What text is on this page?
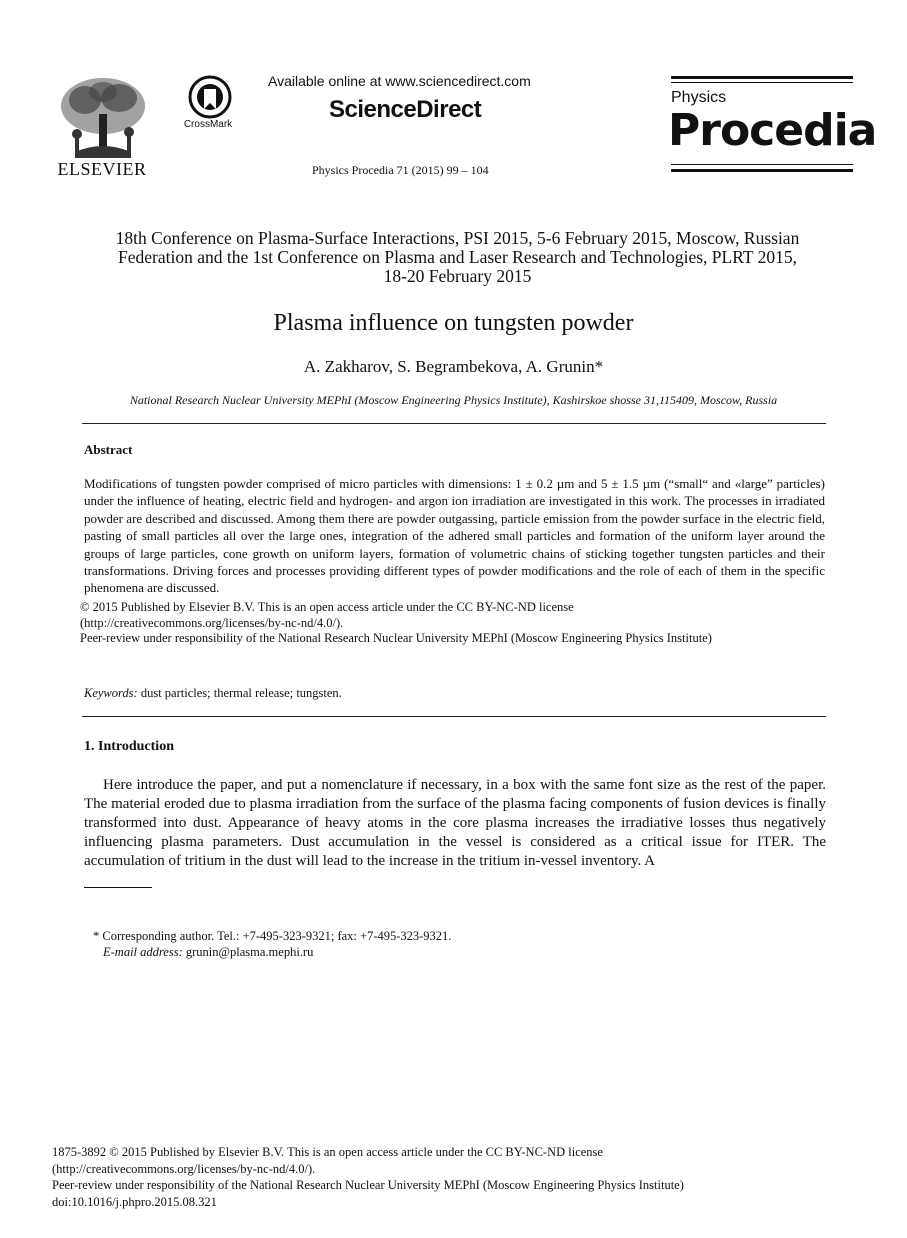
ELSEVIER
CrossMark
Available online at www.sciencedirect.com
ScienceDirect
Physics Procedia 71 (2015) 99 – 104
Physics
Procedia
18th Conference on Plasma-Surface Interactions, PSI 2015, 5-6 February 2015, Moscow, Russian
Federation and the 1st Conference on Plasma and Laser Research and Technologies, PLRT 2015,
18-20 February 2015
Plasma influence on tungsten powder
A. Zakharov, S. Begrambekova, A. Grunin*
National Research Nuclear University MEPhI (Moscow Engineering Physics Institute), Kashirskoe shosse 31,115409, Moscow, Russia
Abstract
Modifications of tungsten powder comprised of micro particles with dimensions: 1 ± 0.2 µm and 5 ± 1.5 µm (“small“ and «large” particles) under the influence of heating, electric field and hydrogen- and argon ion irradiation are investigated in this work. The processes in irradiated powder are described and discussed. Among them there are powder outgassing, particle emission from the powder surface in the electric field, pasting of small particles all over the large ones, integration of the adhered small particles and formation of the uniform layer around the groups of large particles, cone growth on uniform layers, formation of volumetric chains of sticking together tungsten particles and their transformations. Driving forces and processes providing different types of powder modifications and the role of each of them in the specific phenomena are discussed.
© 2015 Published by Elsevier B.V. This is an open access article under the CC BY-NC-ND license
(http://creativecommons.org/licenses/by-nc-nd/4.0/).
Peer-review under responsibility of the National Research Nuclear University MEPhI (Moscow Engineering Physics Institute)
Keywords: dust particles; thermal release; tungsten.
1. Introduction
Here introduce the paper, and put a nomenclature if necessary, in a box with the same font size as the rest of the paper. The material eroded due to plasma irradiation from the surface of the plasma facing components of fusion devices is finally transformed into dust. Appearance of heavy atoms in the core plasma increases the irradiative losses thus negatively influencing plasma parameters. Dust accumulation in the vessel is considered as a critical issue for ITER. The accumulation of tritium in the dust will lead to the increase in the tritium in-vessel inventory. A
* Corresponding author. Tel.: +7-495-323-9321; fax: +7-495-323-9321.
E-mail address: grunin@plasma.mephi.ru
1875-3892 © 2015 Published by Elsevier B.V. This is an open access article under the CC BY-NC-ND license
(http://creativecommons.org/licenses/by-nc-nd/4.0/).
Peer-review under responsibility of the National Research Nuclear University MEPhI (Moscow Engineering Physics Institute)
doi:10.1016/j.phpro.2015.08.321
